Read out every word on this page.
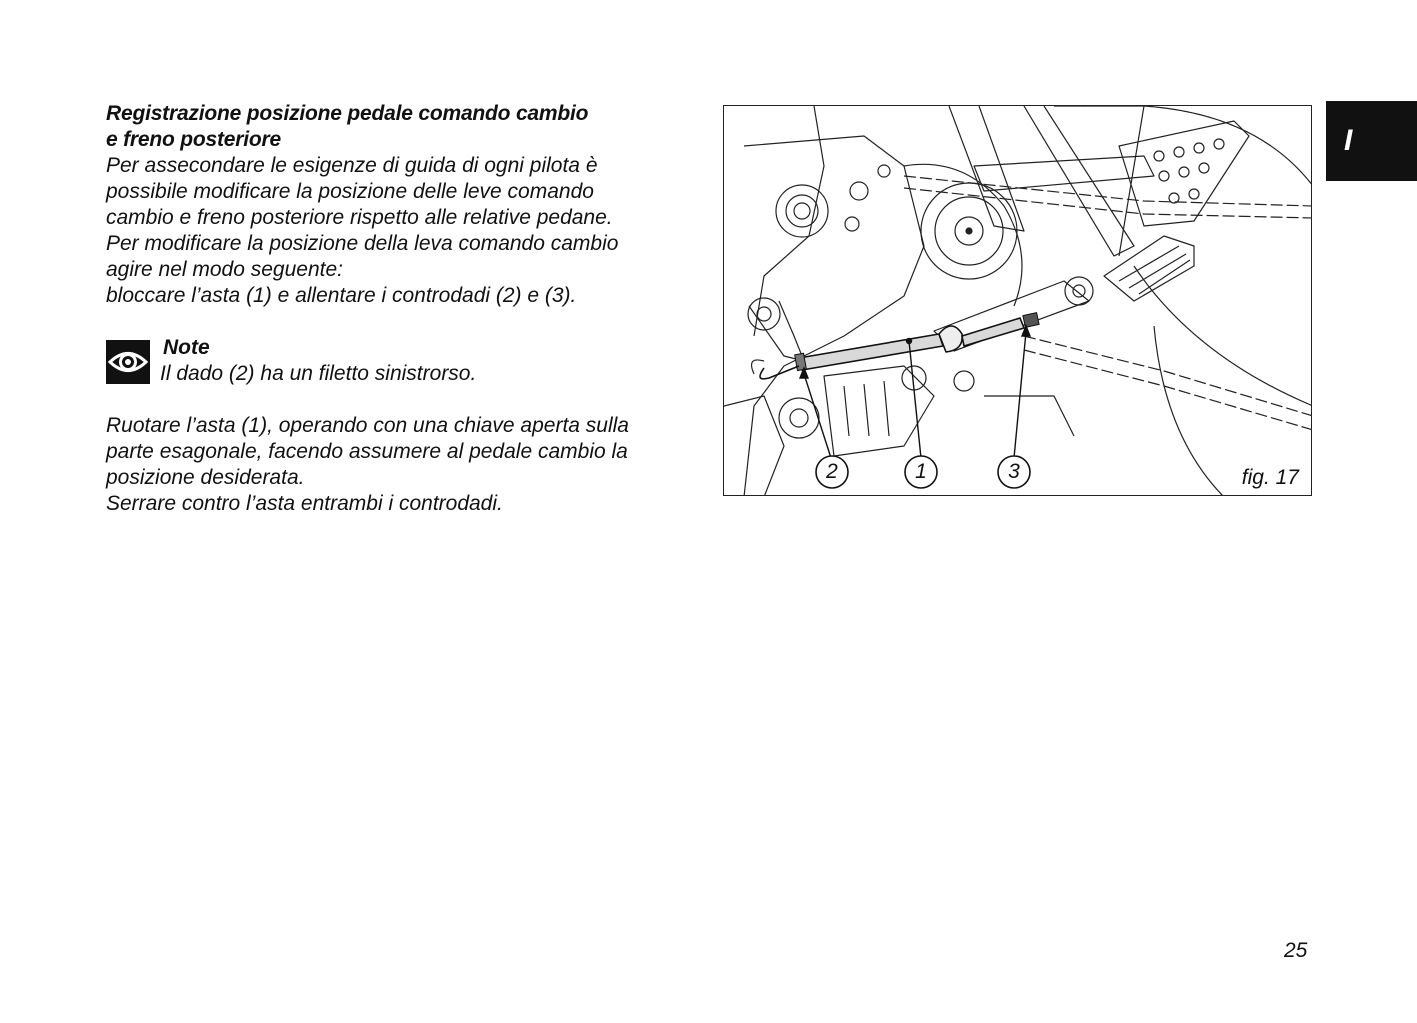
Registrazione posizione pedale comando cambio
e freno posteriore

Per assecondare le esigenze di guida di ogni pilota è
possibile modificare la posizione delle leve comando
cambio e freno posteriore rispetto alle relative pedane.
Per modificare la posizione della leva comando cambio
agire nel modo seguente:
bloccare l’asta (1) e allentare i controdadi (2) e (3).

Note
Il dado (2) ha un filetto sinistrorso.

Ruotare l’asta (1), operando con una chiave aperta sulla
parte esagonale, facendo assumere al pedale cambio la
posizione desiderata.
Serrare contro l’asta entrambi i controdadi.

2	1	3	fig. 17
I
25
